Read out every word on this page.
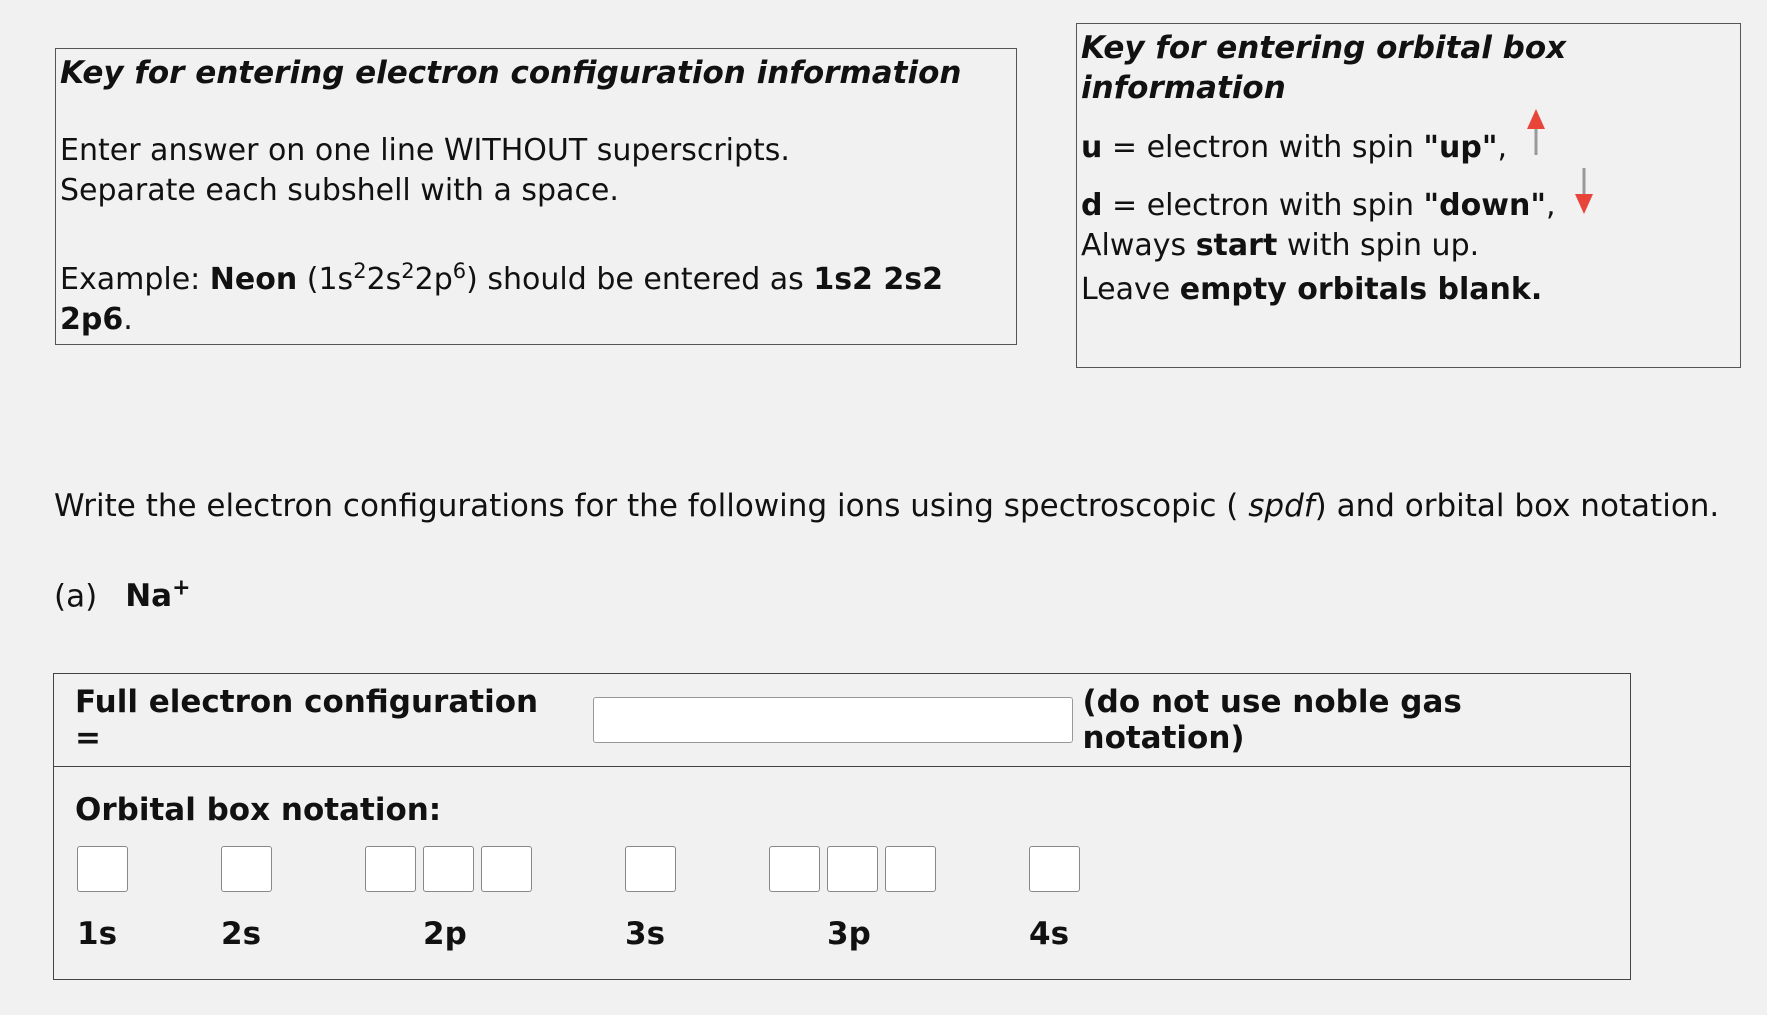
Key for entering electron configuration information
Enter answer on one line WITHOUT superscripts.
Separate each subshell with a space.
Example: Neon $(1s^22s^22p^6)$ should be entered as 1s2 2s2 2p6.
Key for entering orbital box information
u = electron with spin "up",
d = electron with spin "down",
Always start with spin up.
Leave empty orbitals blank.
Write the electron configurations for the following ions using spectroscopic ( spdf) and orbital box notation.
(a) Na+
Full electron configuration =
(do not use noble gas notation)
Orbital box notation:
1s	2s	2p	3s	3p	4s
